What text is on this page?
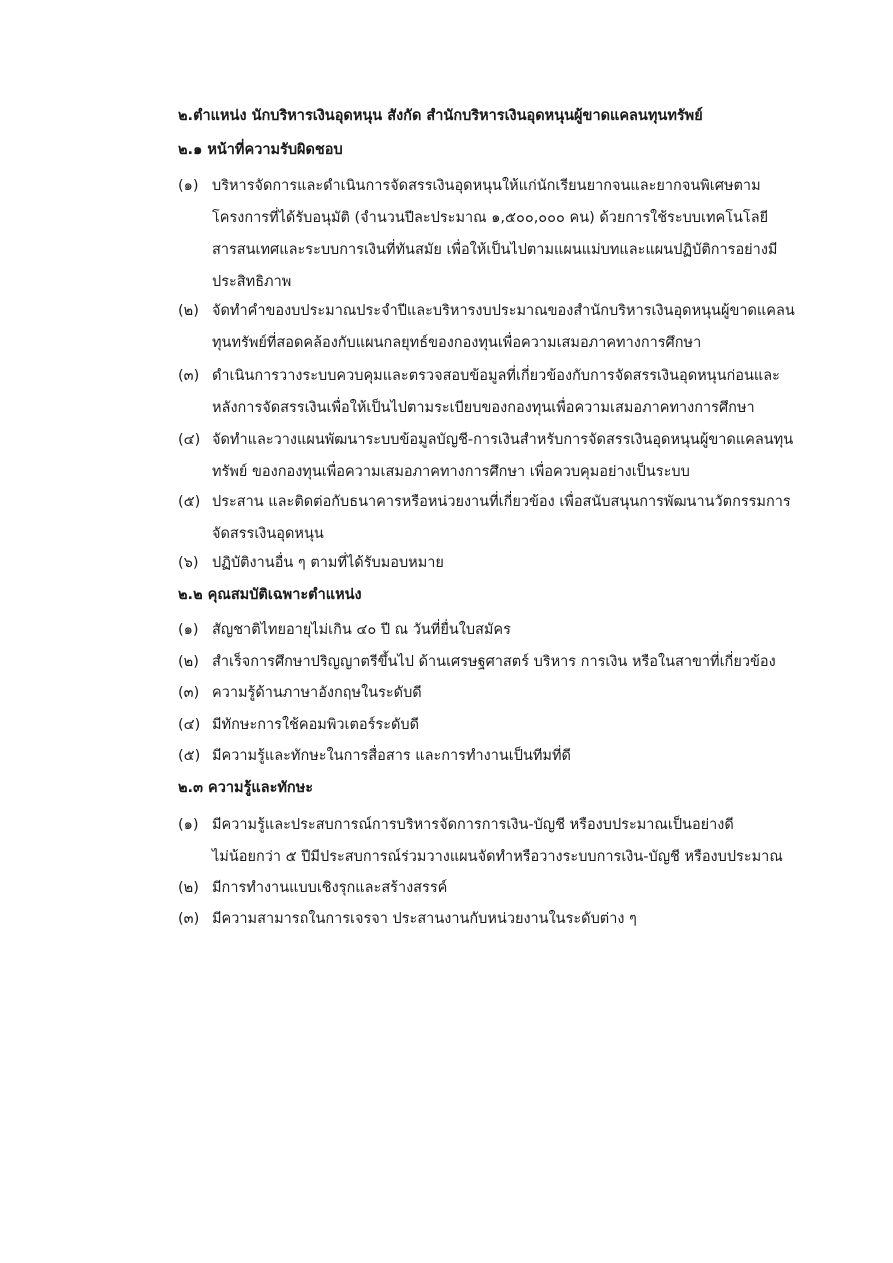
๒.ตำแหน่ง นักบริหารเงินอุดหนุน สังกัด สำนักบริหารเงินอุดหนุนผู้ขาดแคลนทุนทรัพย์
๒.๑ หน้าที่ความรับผิดชอบ
(๑) บริหารจัดการและดำเนินการจัดสรรเงินอุดหนุนให้แก่นักเรียนยากจนและยากจนพิเศษตาม
โครงการที่ได้รับอนุมัติ (จำนวนปีละประมาณ ๑,๕๐๐,๐๐๐ คน) ด้วยการใช้ระบบเทคโนโลยี
สารสนเทศและระบบการเงินที่ทันสมัย เพื่อให้เป็นไปตามแผนแม่บทและแผนปฏิบัติการอย่างมี
ประสิทธิภาพ
(๒) จัดทำคำของบประมาณประจำปีและบริหารงบประมาณของสำนักบริหารเงินอุดหนุนผู้ขาดแคลน
ทุนทรัพย์ที่สอดคล้องกับแผนกลยุทธ์ของกองทุนเพื่อความเสมอภาคทางการศึกษา
(๓) ดำเนินการวางระบบควบคุมและตรวจสอบข้อมูลที่เกี่ยวข้องกับการจัดสรรเงินอุดหนุนก่อนและ
หลังการจัดสรรเงินเพื่อให้เป็นไปตามระเบียบของกองทุนเพื่อความเสมอภาคทางการศึกษา
(๔) จัดทำและวางแผนพัฒนาระบบข้อมูลบัญชี-การเงินสำหรับการจัดสรรเงินอุดหนุนผู้ขาดแคลนทุน
ทรัพย์ ของกองทุนเพื่อความเสมอภาคทางการศึกษา เพื่อควบคุมอย่างเป็นระบบ
(๕) ประสาน และติดต่อกับธนาคารหรือหน่วยงานที่เกี่ยวข้อง เพื่อสนับสนุนการพัฒนานวัตกรรมการ
จัดสรรเงินอุดหนุน
(๖) ปฏิบัติงานอื่น ๆ ตามที่ได้รับมอบหมาย
๒.๒ คุณสมบัติเฉพาะตำแหน่ง
(๑) สัญชาติไทยอายุไม่เกิน ๔๐ ปี ณ วันที่ยื่นใบสมัคร
(๒) สำเร็จการศึกษาปริญญาตรีขึ้นไป ด้านเศรษฐศาสตร์ บริหาร การเงิน หรือในสาขาที่เกี่ยวข้อง
(๓) ความรู้ด้านภาษาอังกฤษในระดับดี
(๔) มีทักษะการใช้คอมพิวเตอร์ระดับดี
(๕) มีความรู้และทักษะในการสื่อสาร และการทำงานเป็นทีมที่ดี
๒.๓ ความรู้และทักษะ
(๑) มีความรู้และประสบการณ์การบริหารจัดการการเงิน-บัญชี หรืองบประมาณเป็นอย่างดี
ไม่น้อยกว่า ๕ ปีมีประสบการณ์ร่วมวางแผนจัดทำหรือวางระบบการเงิน-บัญชี หรืองบประมาณ
(๒) มีการทำงานแบบเชิงรุกและสร้างสรรค์
(๓) มีความสามารถในการเจรจา ประสานงานกับหน่วยงานในระดับต่าง ๆ
